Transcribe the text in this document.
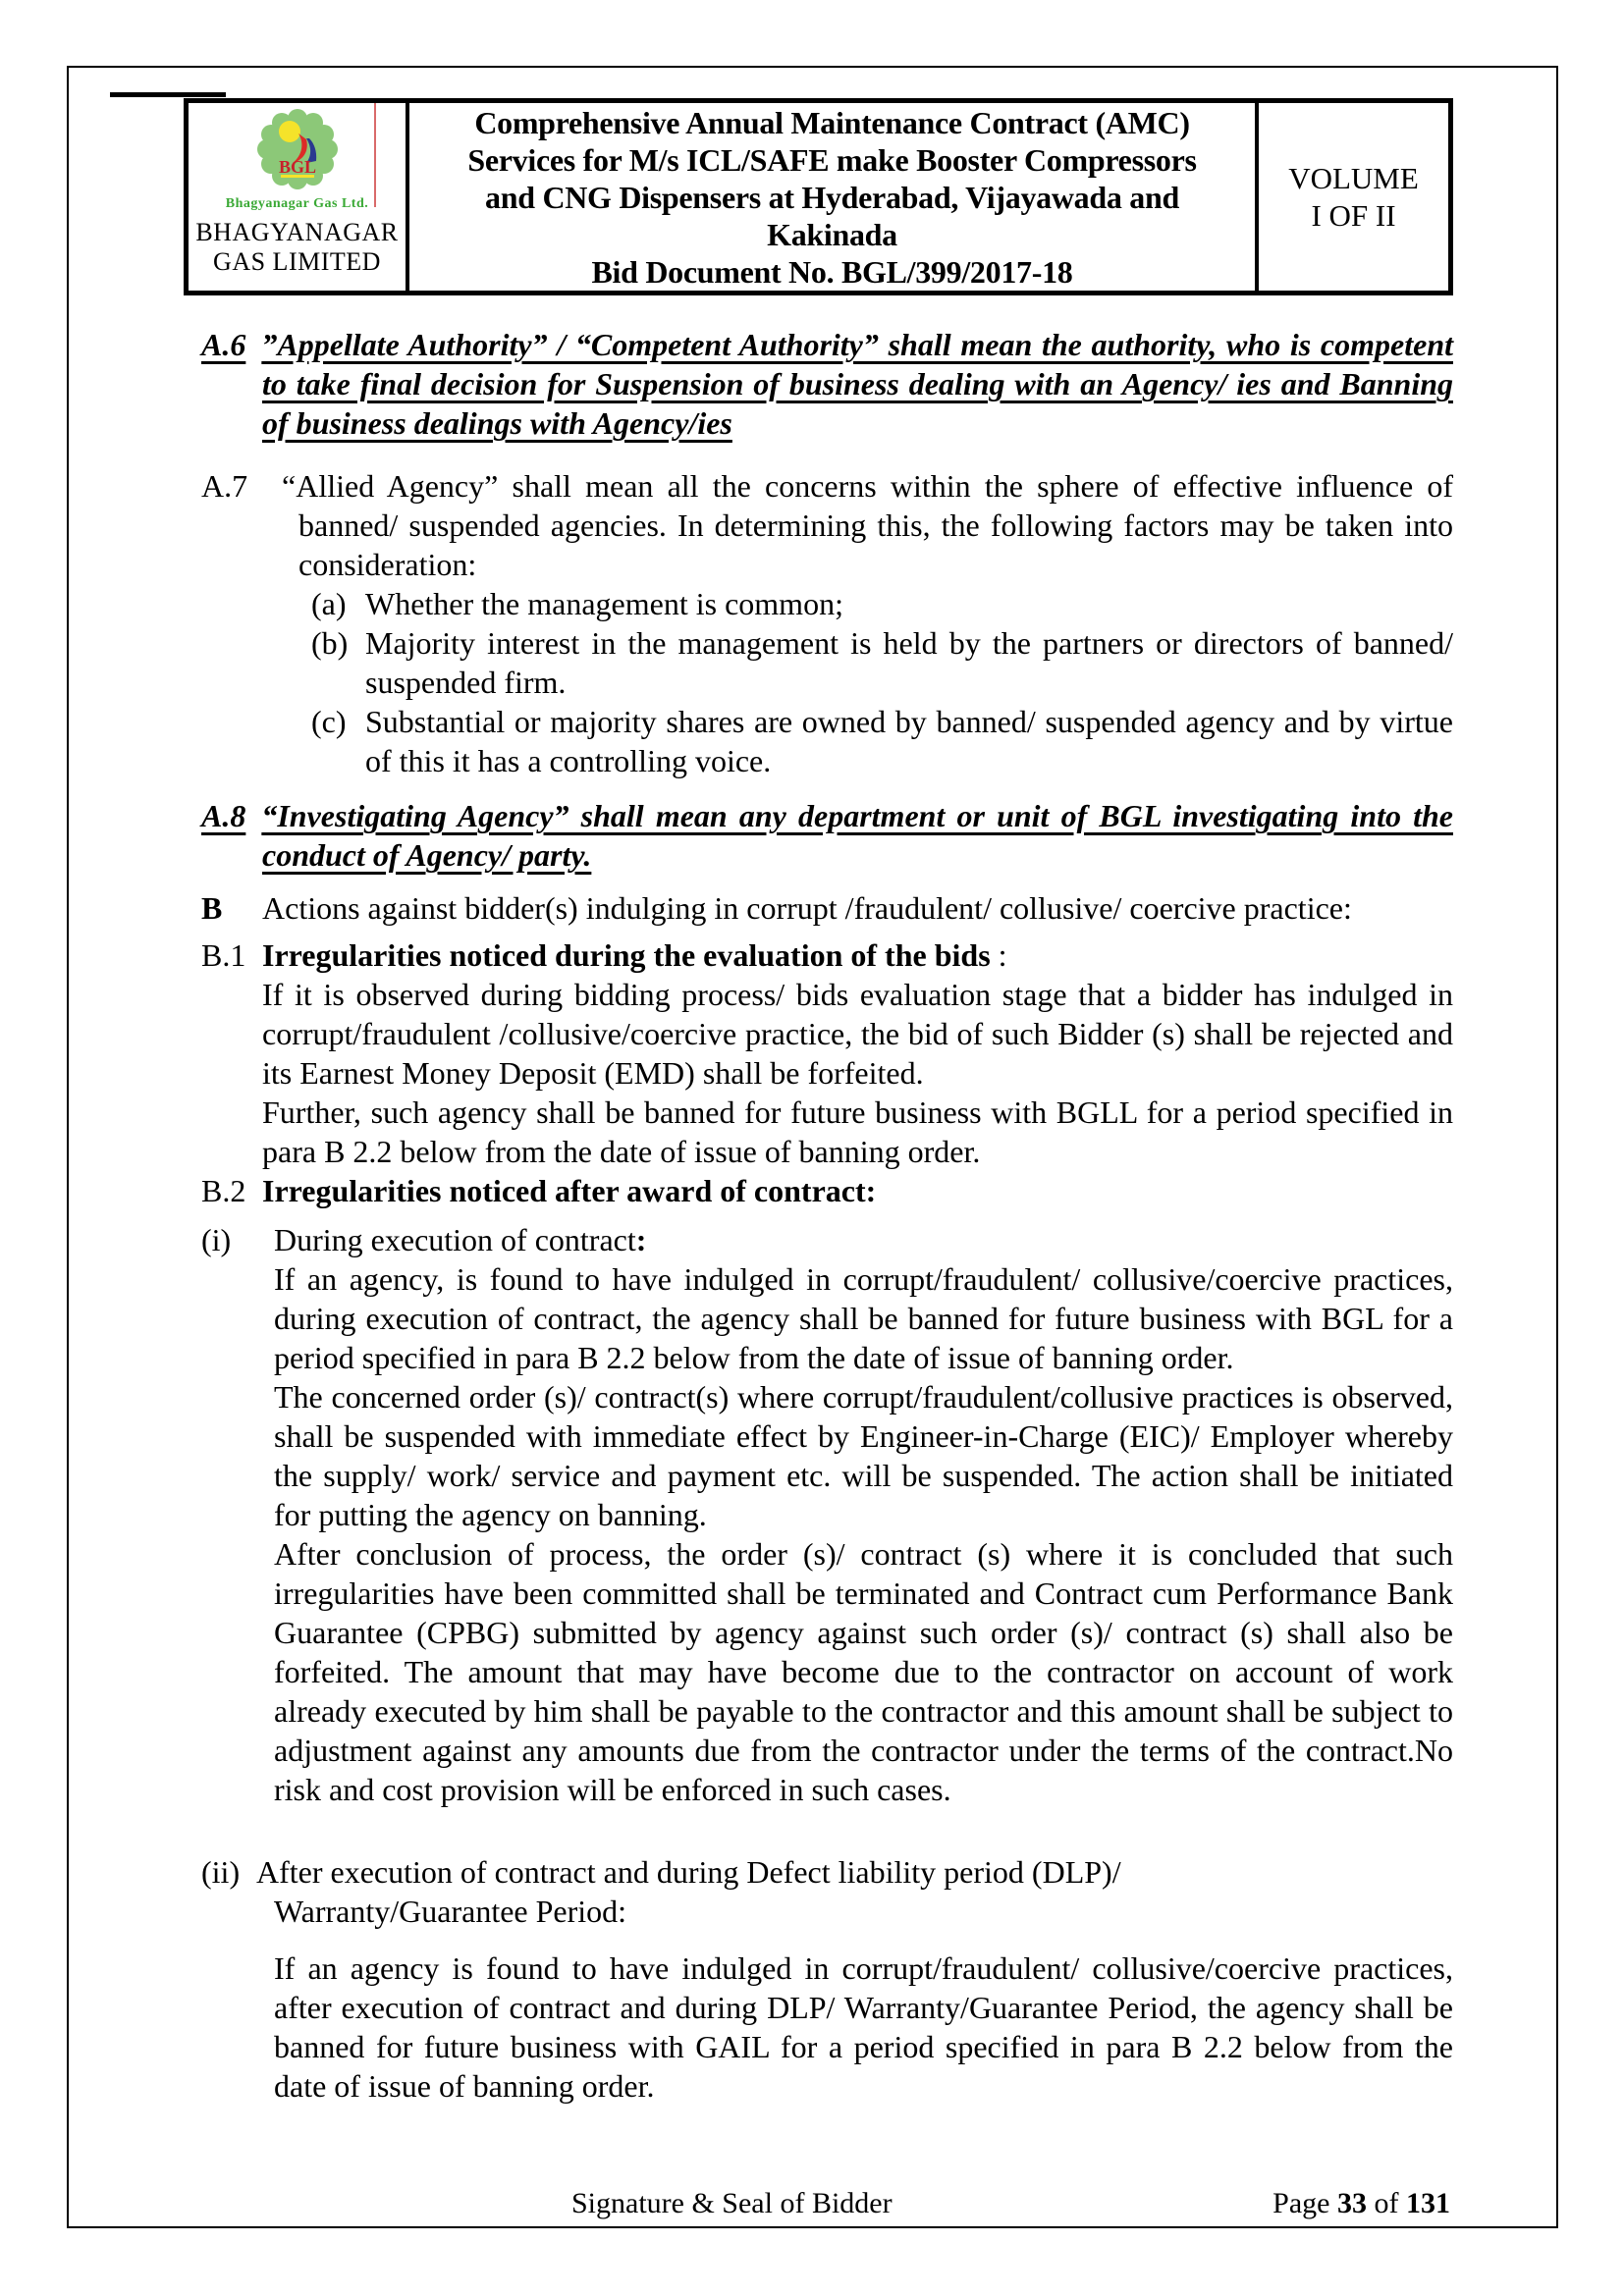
BGL
Bhagyanagar Gas Ltd.
BHAGYANAGAR
GAS LIMITED
Comprehensive Annual Maintenance Contract (AMC)
Services for M/s ICL/SAFE make Booster Compressors
and CNG Dispensers at Hyderabad, Vijayawada and
Kakinada
Bid Document No. BGL/399/2017-18
VOLUME
I OF II

A.6 ”Appellate Authority” / “Competent Authority” shall mean the authority, who is competent to take final decision for Suspension of business dealing with an Agency/ ies and Banning of business dealings with Agency/ies

A.7 “Allied Agency” shall mean all the concerns within the sphere of effective influence of banned/ suspended agencies. In determining this, the following factors may be taken into consideration:

(a) Whether the management is common;

(b) Majority interest in the management is held by the partners or directors of banned/ suspended firm.

(c) Substantial or majority shares are owned by banned/ suspended agency and by virtue of this it has a controlling voice.

A.8 “Investigating Agency” shall mean any department or unit of BGL investigating into the conduct of Agency/ party.

B Actions against bidder(s) indulging in corrupt /fraudulent/ collusive/ coercive practice:

B.1 Irregularities noticed during the evaluation of the bids :

If it is observed during bidding process/ bids evaluation stage that a bidder has indulged in corrupt/fraudulent /collusive/coercive practice, the bid of such Bidder (s) shall be rejected and its Earnest Money Deposit (EMD) shall be forfeited.

Further, such agency shall be banned for future business with BGLL for a period specified in para B 2.2 below from the date of issue of banning order.

B.2 Irregularities noticed after award of contract:

(i) During execution of contract:

If an agency, is found to have indulged in corrupt/fraudulent/ collusive/coercive practices, during execution of contract, the agency shall be banned for future business with BGL for a period specified in para B 2.2 below from the date of issue of banning order.

The concerned order (s)/ contract(s) where corrupt/fraudulent/collusive practices is observed, shall be suspended with immediate effect by Engineer-in-Charge (EIC)/ Employer whereby the supply/ work/ service and payment etc. will be suspended. The action shall be initiated for putting the agency on banning.

After conclusion of process, the order (s)/ contract (s) where it is concluded that such irregularities have been committed shall be terminated and Contract cum Performance Bank Guarantee (CPBG) submitted by agency against such order (s)/ contract (s) shall also be forfeited. The amount that may have become due to the contractor on account of work already executed by him shall be payable to the contractor and this amount shall be subject to adjustment against any amounts due from the contractor under the terms of the contract.No risk and cost provision will be enforced in such cases.

(ii) After execution of contract and during Defect liability period (DLP)/
Warranty/Guarantee Period:

If an agency is found to have indulged in corrupt/fraudulent/ collusive/coercive practices, after execution of contract and during DLP/ Warranty/Guarantee Period, the agency shall be banned for future business with GAIL for a period specified in para B 2.2 below from the date of issue of banning order.

Signature & Seal of Bidder	Page 33 of 131
